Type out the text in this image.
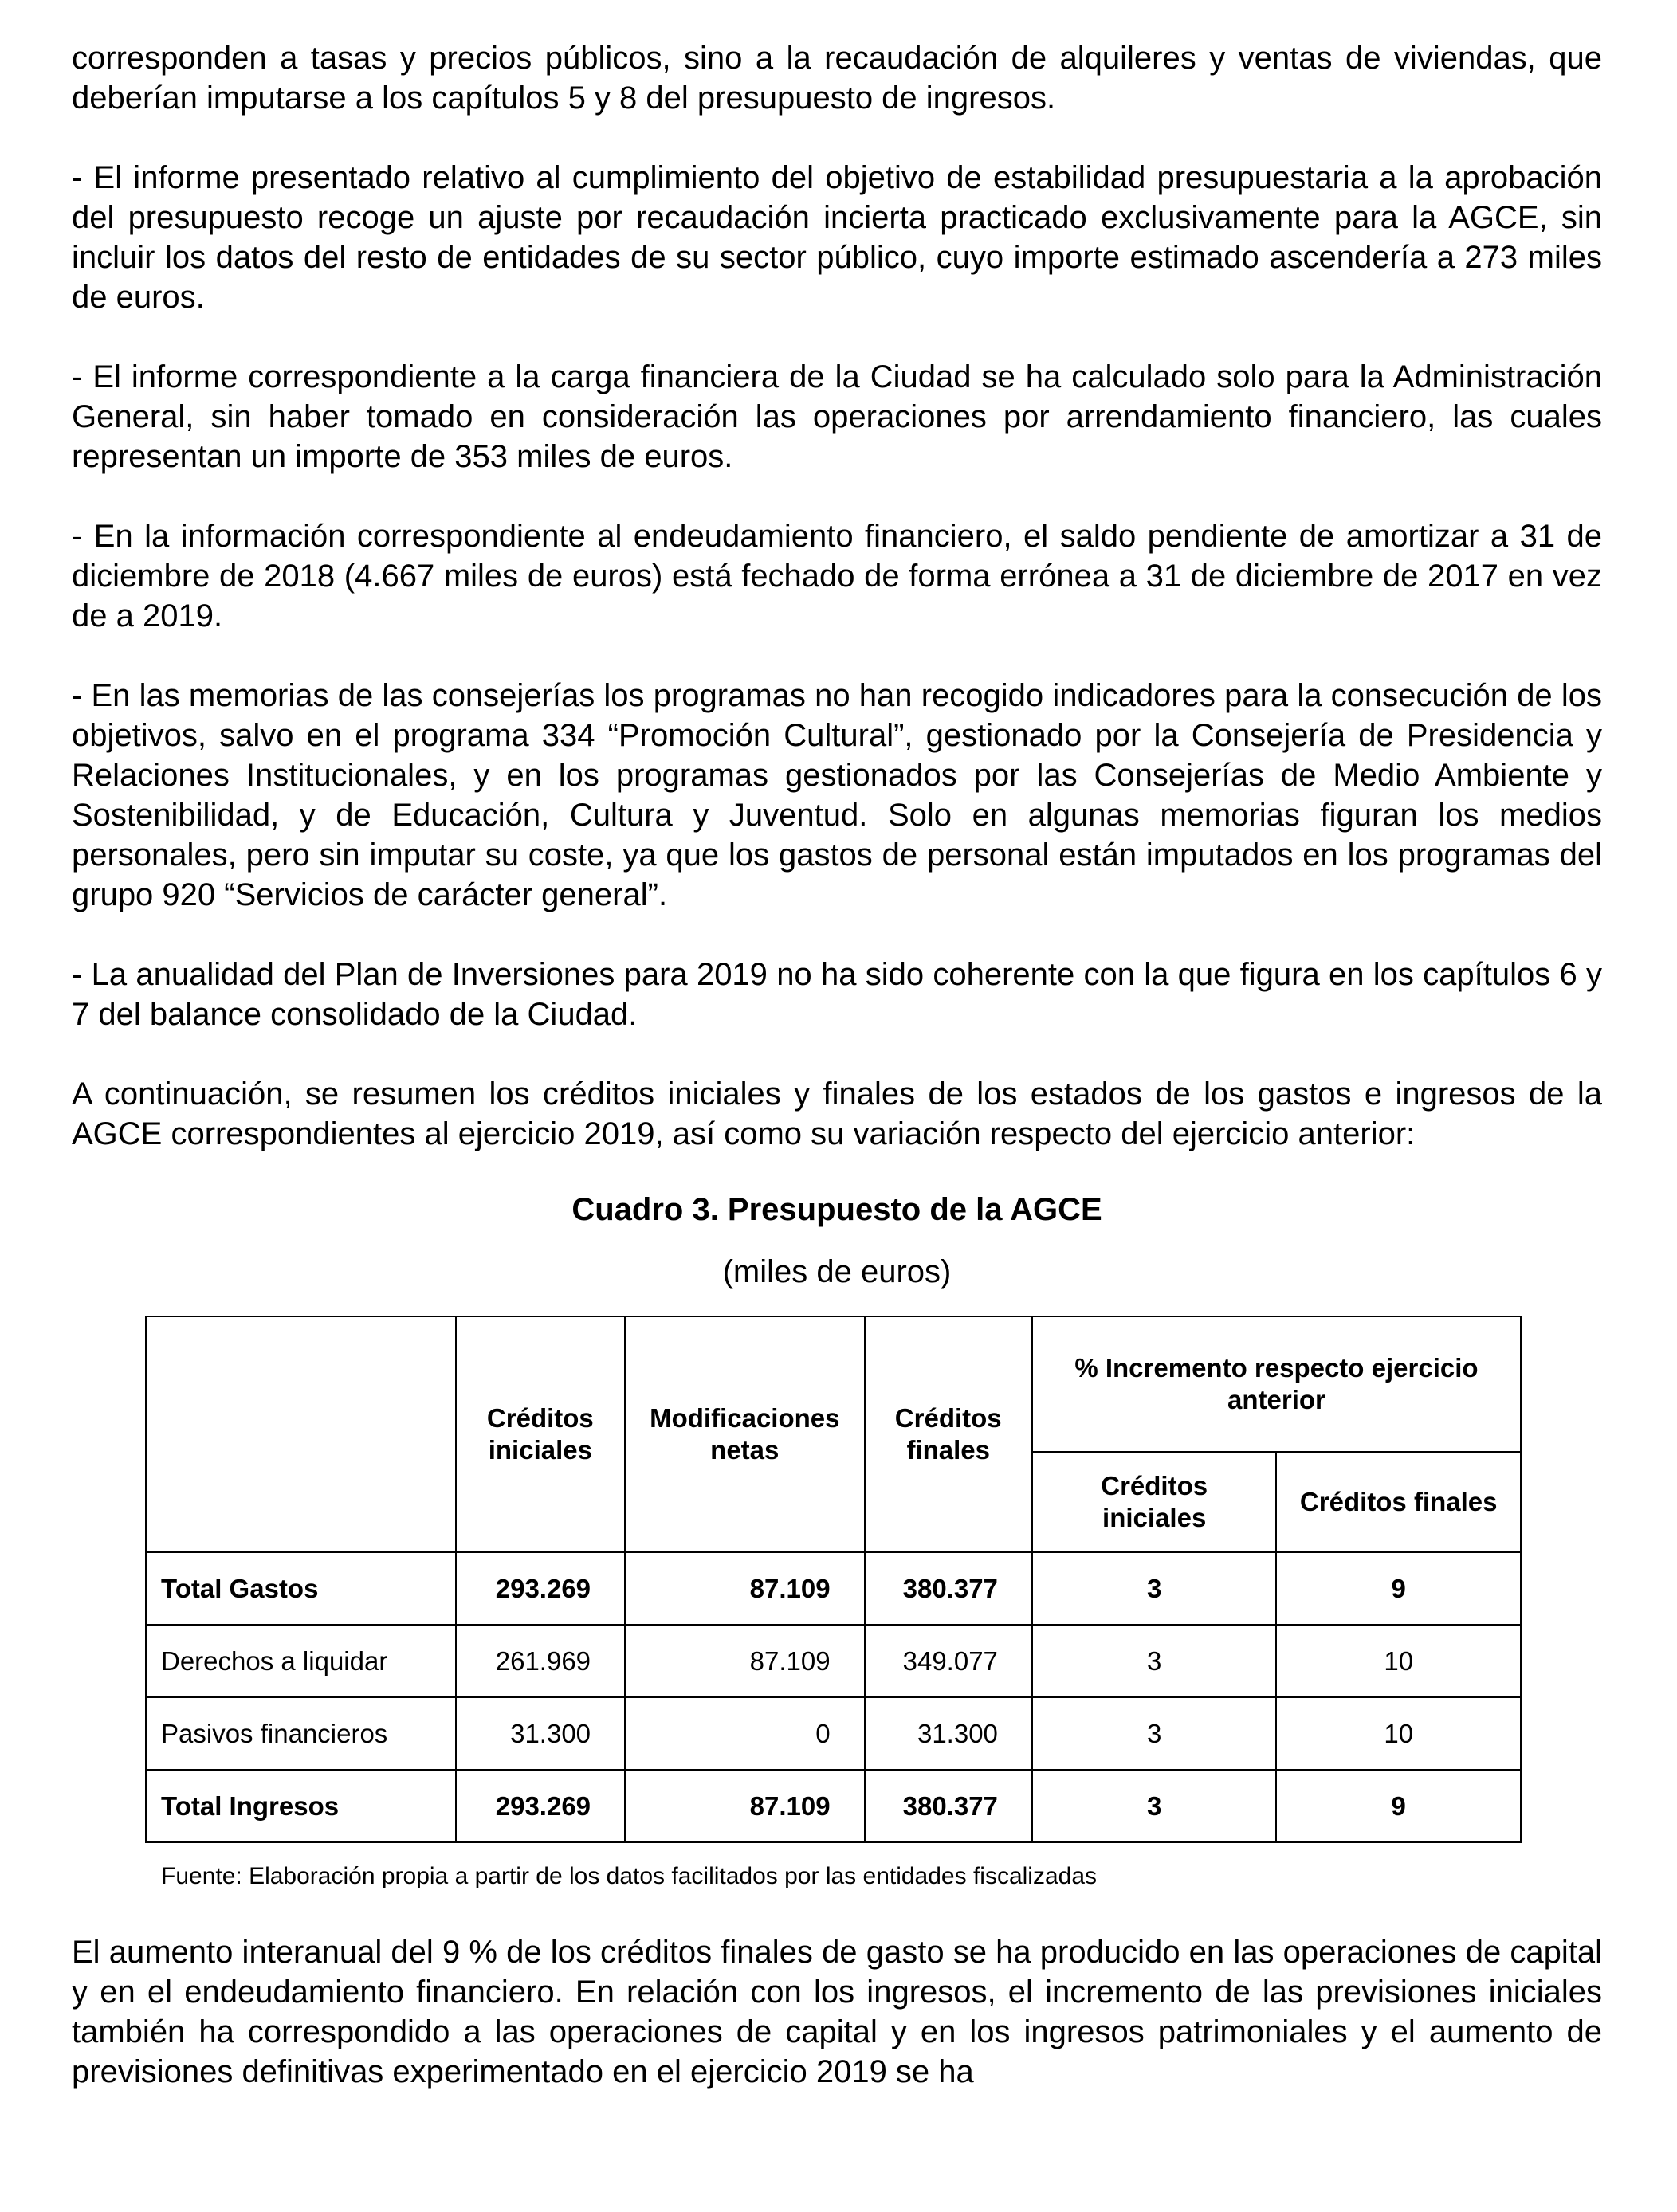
corresponden a tasas y precios públicos, sino a la recaudación de alquileres y ventas de viviendas, que deberían imputarse a los capítulos 5 y 8 del presupuesto de ingresos.

- El informe presentado relativo al cumplimiento del objetivo de estabilidad presupuestaria a la aprobación del presupuesto recoge un ajuste por recaudación incierta practicado exclusivamente para la AGCE, sin incluir los datos del resto de entidades de su sector público, cuyo importe estimado ascendería a 273 miles de euros.

- El informe correspondiente a la carga financiera de la Ciudad se ha calculado solo para la Administración General, sin haber tomado en consideración las operaciones por arrendamiento financiero, las cuales representan un importe de 353 miles de euros.

- En la información correspondiente al endeudamiento financiero, el saldo pendiente de amortizar a 31 de diciembre de 2018 (4.667 miles de euros) está fechado de forma errónea a 31 de diciembre de 2017 en vez de a 2019.

- En las memorias de las consejerías los programas no han recogido indicadores para la consecución de los objetivos, salvo en el programa 334 “Promoción Cultural”, gestionado por la Consejería de Presidencia y Relaciones Institucionales, y en los programas gestionados por las Consejerías de Medio Ambiente y Sostenibilidad, y de Educación, Cultura y Juventud. Solo en algunas memorias figuran los medios personales, pero sin imputar su coste, ya que los gastos de personal están imputados en los programas del grupo 920 “Servicios de carácter general”.

- La anualidad del Plan de Inversiones para 2019 no ha sido coherente con la que figura en los capítulos 6 y 7 del balance consolidado de la Ciudad.

A continuación, se resumen los créditos iniciales y finales de los estados de los gastos e ingresos de la AGCE correspondientes al ejercicio 2019, así como su variación respecto del ejercicio anterior:

Cuadro 3. Presupuesto de la AGCE

(miles de euros)

	Créditos iniciales	Modificaciones netas	Créditos finales	% Incremento respecto ejercicio anterior	
				Créditos iniciales	Créditos finales
Total Gastos	293.269	87.109	380.377	3	9
Derechos a liquidar	261.969	87.109	349.077	3	10
Pasivos financieros	31.300	0	31.300	3	10
Total Ingresos	293.269	87.109	380.377	3	9

Fuente: Elaboración propia a partir de los datos facilitados por las entidades fiscalizadas

El aumento interanual del 9 % de los créditos finales de gasto se ha producido en las operaciones de capital y en el endeudamiento financiero. En relación con los ingresos, el incremento de las previsiones iniciales también ha correspondido a las operaciones de capital y en los ingresos patrimoniales y el aumento de previsiones definitivas experimentado en el ejercicio 2019 se ha
